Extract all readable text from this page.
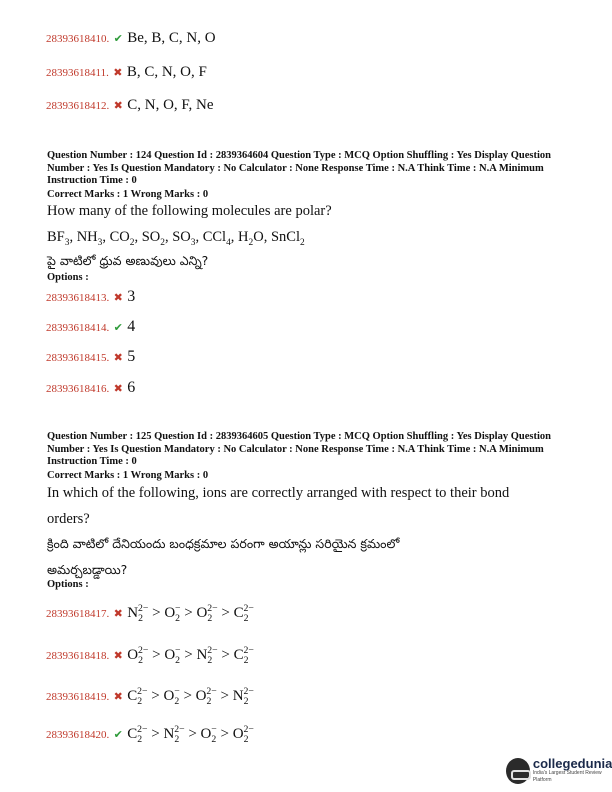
28393618410. ✔ Be, B, C, N, O
28393618411. ✖ B, C, N, O, F
28393618412. ✖ C, N, O, F, Ne
Question Number : 124 Question Id : 2839364604 Question Type : MCQ Option Shuffling : Yes Display Question Number : Yes Is Question Mandatory : No Calculator : None Response Time : N.A Think Time : N.A Minimum Instruction Time : 0
Correct Marks : 1 Wrong Marks : 0
How many of the following molecules are polar?
$BF_3$, $NH_3$, $CO_2$, $SO_2$, $SO_3$, CCl$_4$, $H_2O$, SnCl$_2$
పై వాటిలో ధ్రువ అణువులు ఎన్ని?
Options :
28393618413. ✖ 3
28393618414. ✔ 4
28393618415. ✖ 5
28393618416. ✖ 6
Question Number : 125 Question Id : 2839364605 Question Type : MCQ Option Shuffling : Yes Display Question Number : Yes Is Question Mandatory : No Calculator : None Response Time : N.A Think Time : N.A Minimum Instruction Time : 0
Correct Marks : 1 Wrong Marks : 0
In which of the following, ions are correctly arranged with respect to their bond
orders?
క్రింది వాటిలో దేనియందు బంధక్రమాల పరంగా అయాన్లు సరియైన క్రమంలో
అమర్చబడ్డాయి?
Options :
28393618417. ✖ $N_2^{2-} > O_2^- > O_2^{2-} > C_2^{2-}$
28393618418. ✖ $O_2^{2-} > O_2^- > N_2^{2-} > C_2^{2-}$
28393618419. ✖ $C_2^{2-} > O_2^- > O_2^{2-} > N_2^{2-}$
28393618420. ✔ $C_2^{2-} > N_2^{2-} > O_2^- > O_2^{2-}$
collegedunia
India's Largest Student Review Platform
